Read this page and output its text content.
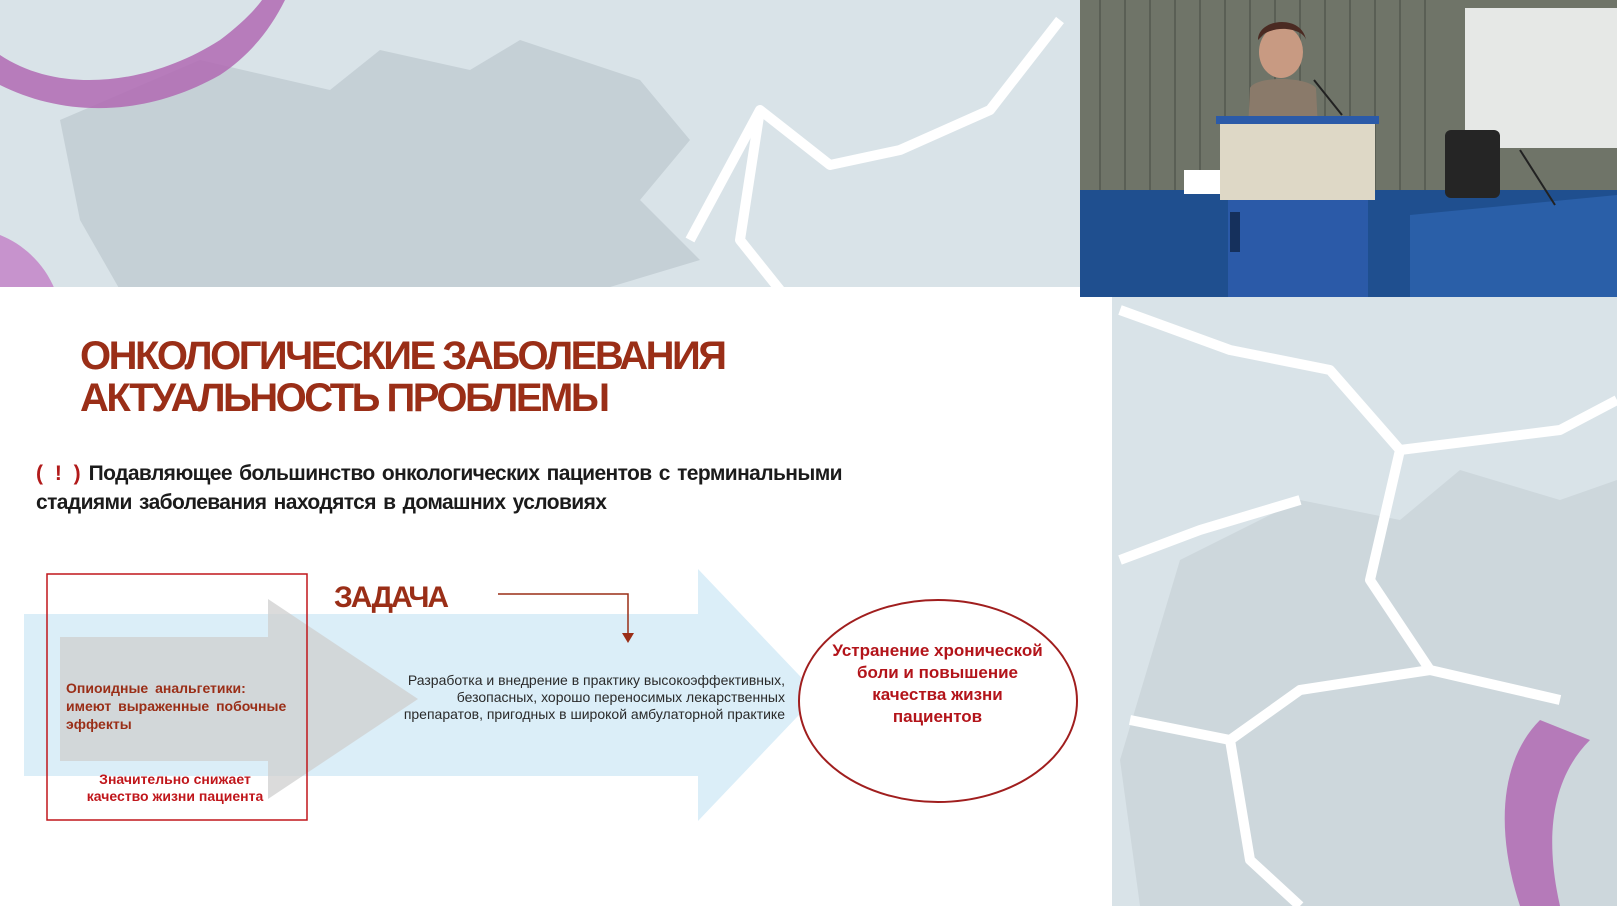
ОНКОЛОГИЧЕСКИЕ ЗАБОЛЕВАНИЯ
АКТУАЛЬНОСТЬ ПРОБЛЕМЫ

( ! ) Подавляющее большинство онкологических пациентов с терминальными стадиями заболевания находятся в домашних условиях

ЗАДАЧА

Опиоидные анальгетики: имеют выраженные побочные эффекты

Значительно снижает качество жизни пациента

Разработка и внедрение в практику высокоэффективных, безопасных, хорошо переносимых лекарственных препаратов, пригодных в широкой амбулаторной практике

Устранение хронической боли и повышение качества жизни пациентов
